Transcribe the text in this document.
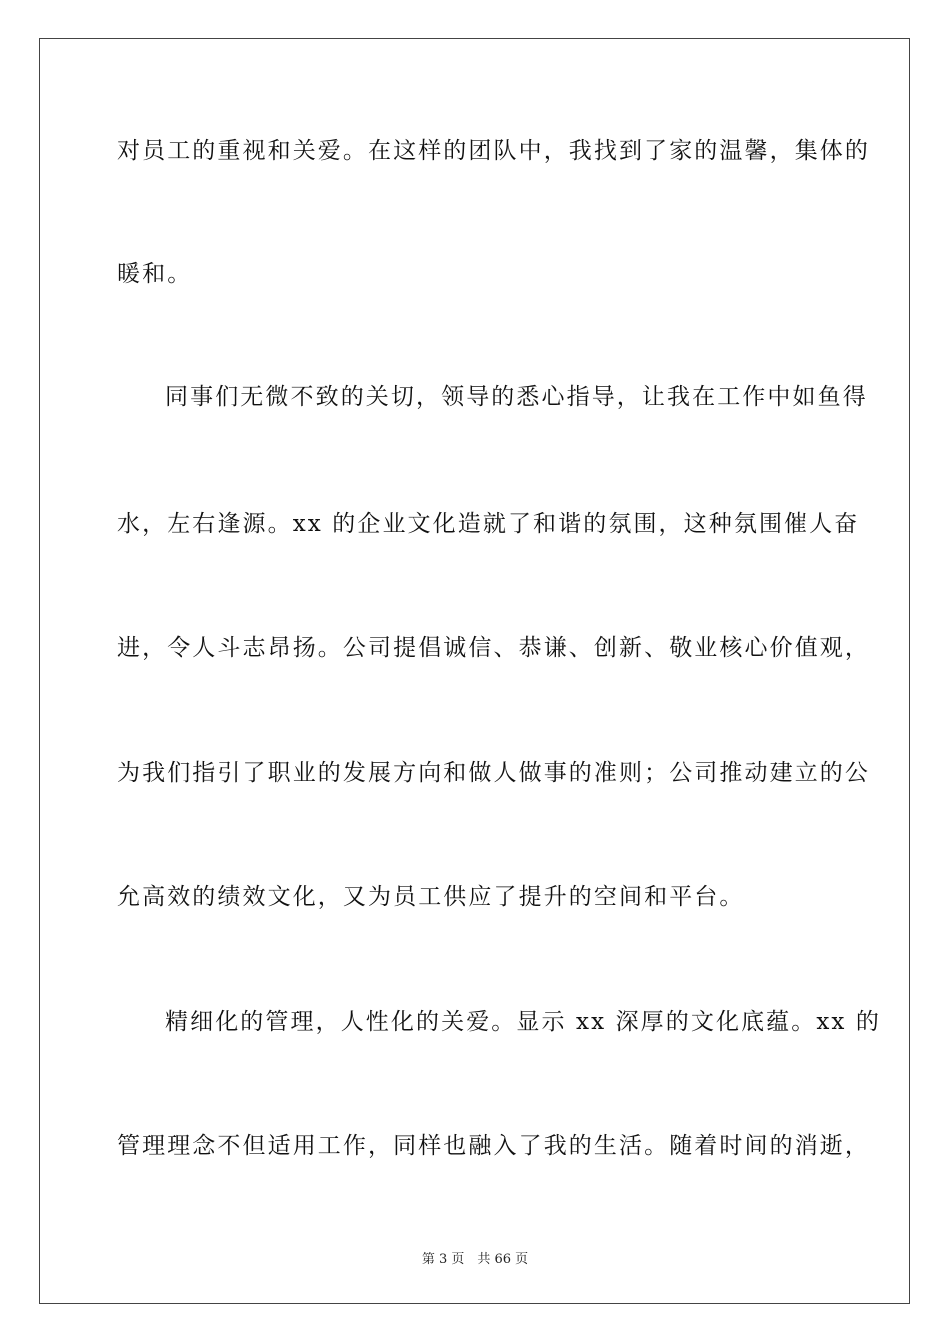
对员工的重视和关爱。在这样的团队中，我找到了家的温馨，集体的
暖和。
同事们无微不致的关切，领导的悉心指导，让我在工作中如鱼得
水，左右逢源。xx 的企业文化造就了和谐的氛围，这种氛围催人奋
进，令人斗志昂扬。公司提倡诚信、恭谦、创新、敬业核心价值观，
为我们指引了职业的发展方向和做人做事的准则；公司推动建立的公
允高效的绩效文化，又为员工供应了提升的空间和平台。
精细化的管理，人性化的关爱。显示 xx 深厚的文化底蕴。xx 的
管理理念不但适用工作，同样也融入了我的生活。随着时间的消逝，
第 3 页　共 66 页
